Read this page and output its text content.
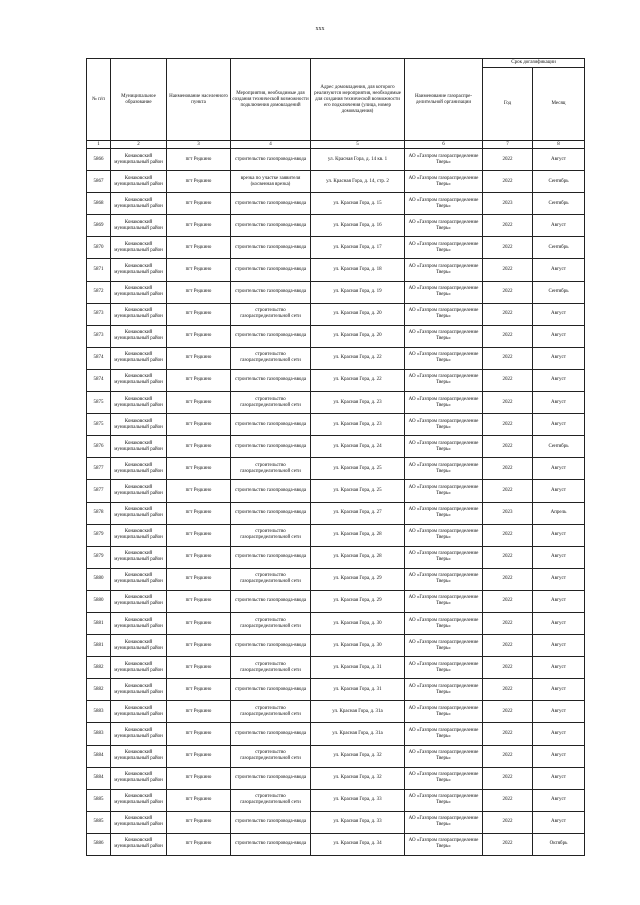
ххх
№ п/п	Муниципальное образование	Наименование населенного пункта	Мероприятия, необходимые для создания технической возможности подключения домовладений	Адрес домовладения, для которого реализуются мероприятия, необходимые для создания технической возможности его подключения (улица, номер домовладения)	Наименование газораспре-делительной организации	Срок догазификации	
						Год	Месяц
1	2	3	4	5	6	7	8
5866	Конаковский муниципальный район	пгт Редкино	строительство газопровода-ввода	ул. Красная Гора, д. 14 кв. 1	АО «Газпром газораспределение Тверь»	2022	Август
5867	Конаковский муниципальный район	пгт Редкино	врезка по участке заявителя (косвенная врезка)	ул. Красная Гора, д. 14, стр. 2	АО «Газпром газораспределение Тверь»	2022	Сентябрь
5868	Конаковский муниципальный район	пгт Редкино	строительство газопровода-ввода	ул. Красная Гора, д. 15	АО «Газпром газораспределение Тверь»	2023	Сентябрь
5869	Конаковский муниципальный район	пгт Редкино	строительство газопровода-ввода	ул. Красная Гора, д. 16	АО «Газпром газораспределение Тверь»	2022	Август
5870	Конаковский муниципальный район	пгт Редкино	строительство газопровода-ввода	ул. Красная Гора, д. 17	АО «Газпром газораспределение Тверь»	2022	Сентябрь
5871	Конаковский муниципальный район	пгт Редкино	строительство газопровода-ввода	ул. Красная Гора, д. 18	АО «Газпром газораспределение Тверь»	2022	Август
5872	Конаковский муниципальный район	пгт Редкино	строительство газопровода-ввода	ул. Красная Гора, д. 19	АО «Газпром газораспределение Тверь»	2022	Сентябрь
5873	Конаковский муниципальный район	пгт Редкино	строительство газораспределительной сети	ул. Красная Гора, д. 20	АО «Газпром газораспределение Тверь»	2022	Август
5873	Конаковский муниципальный район	пгт Редкино	строительство газопровода-ввода	ул. Красная Гора, д. 20	АО «Газпром газораспределение Тверь»	2022	Август
5874	Конаковский муниципальный район	пгт Редкино	строительство газораспределительной сети	ул. Красная Гора, д. 22	АО «Газпром газораспределение Тверь»	2022	Август
5874	Конаковский муниципальный район	пгт Редкино	строительство газопровода-ввода	ул. Красная Гора, д. 22	АО «Газпром газораспределение Тверь»	2022	Август
5875	Конаковский муниципальный район	пгт Редкино	строительство газораспределительной сети	ул. Красная Гора, д. 23	АО «Газпром газораспределение Тверь»	2022	Август
5875	Конаковский муниципальный район	пгт Редкино	строительство газопровода-ввода	ул. Красная Гора, д. 23	АО «Газпром газораспределение Тверь»	2022	Август
5876	Конаковский муниципальный район	пгт Редкино	строительство газопровода-ввода	ул. Красная Гора, д. 24	АО «Газпром газораспределение Тверь»	2022	Сентябрь
5877	Конаковский муниципальный район	пгт Редкино	строительство газораспределительной сети	ул. Красная Гора, д. 25	АО «Газпром газораспределение Тверь»	2022	Август
5877	Конаковский муниципальный район	пгт Редкино	строительство газопровода-ввода	ул. Красная Гора, д. 25	АО «Газпром газораспределение Тверь»	2022	Август
5878	Конаковский муниципальный район	пгт Редкино	строительство газопровода-ввода	ул. Красная Гора, д. 27	АО «Газпром газораспределение Тверь»	2023	Апрель
5879	Конаковский муниципальный район	пгт Редкино	строительство газораспределительной сети	ул. Красная Гора, д. 28	АО «Газпром газораспределение Тверь»	2022	Август
5879	Конаковский муниципальный район	пгт Редкино	строительство газопровода-ввода	ул. Красная Гора, д. 28	АО «Газпром газораспределение Тверь»	2022	Август
5880	Конаковский муниципальный район	пгт Редкино	строительство газораспределительной сети	ул. Красная Гора, д. 29	АО «Газпром газораспределение Тверь»	2022	Август
5880	Конаковский муниципальный район	пгт Редкино	строительство газопровода-ввода	ул. Красная Гора, д. 29	АО «Газпром газораспределение Тверь»	2022	Август
5881	Конаковский муниципальный район	пгт Редкино	строительство газораспределительной сети	ул. Красная Гора, д. 30	АО «Газпром газораспределение Тверь»	2022	Август
5881	Конаковский муниципальный район	пгт Редкино	строительство газопровода-ввода	ул. Красная Гора, д. 30	АО «Газпром газораспределение Тверь»	2022	Август
5882	Конаковский муниципальный район	пгт Редкино	строительство газораспределительной сети	ул. Красная Гора, д. 31	АО «Газпром газораспределение Тверь»	2022	Август
5882	Конаковский муниципальный район	пгт Редкино	строительство газопровода-ввода	ул. Красная Гора, д. 31	АО «Газпром газораспределение Тверь»	2022	Август
5883	Конаковский муниципальный район	пгт Редкино	строительство газораспределительной сети	ул. Красная Гора, д. 31а	АО «Газпром газораспределение Тверь»	2022	Август
5883	Конаковский муниципальный район	пгт Редкино	строительство газопровода-ввода	ул. Красная Гора, д. 31а	АО «Газпром газораспределение Тверь»	2022	Август
5884	Конаковский муниципальный район	пгт Редкино	строительство газораспределительной сети	ул. Красная Гора, д. 32	АО «Газпром газораспределение Тверь»	2022	Август
5884	Конаковский муниципальный район	пгт Редкино	строительство газопровода-ввода	ул. Красная Гора, д. 32	АО «Газпром газораспределение Тверь»	2022	Август
5885	Конаковский муниципальный район	пгт Редкино	строительство газораспределительной сети	ул. Красная Гора, д. 33	АО «Газпром газораспределение Тверь»	2022	Август
5885	Конаковский муниципальный район	пгт Редкино	строительство газопровода-ввода	ул. Красная Гора, д. 33	АО «Газпром газораспределение Тверь»	2022	Август
5886	Конаковский муниципальный район	пгт Редкино	строительство газопровода-ввода	ул. Красная Гора, д. 34	АО «Газпром газораспределение Тверь»	2022	Октябрь
